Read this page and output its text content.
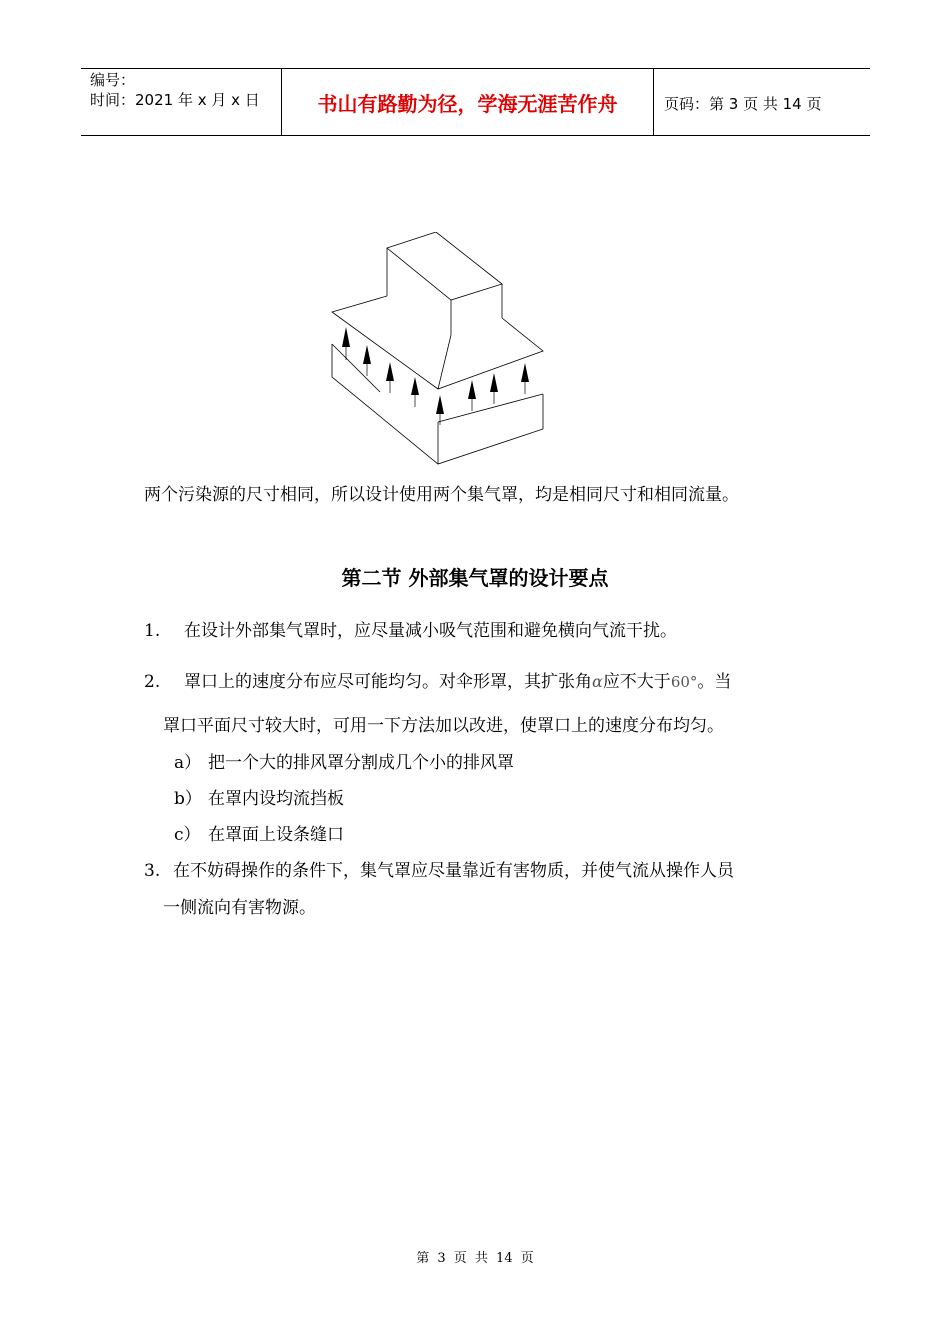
编号：
时间：2021 年 x 月 x 日	书山有路勤为径，学海无涯苦作舟	页码：第 3 页 共 14 页
两个污染源的尺寸相同，所以设计使用两个集气罩，均是相同尺寸和相同流量。
第二节 外部集气罩的设计要点
1. 在设计外部集气罩时，应尽量减小吸气范围和避免横向气流干扰。
2. 罩口上的速度分布应尽可能均匀。对伞形罩，其扩张角α应不大于60°。当
罩口平面尺寸较大时，可用一下方法加以改进，使罩口上的速度分布均匀。
a） 把一个大的排风罩分割成几个小的排风罩
b） 在罩内设均流挡板
c） 在罩面上设条缝口
3. 在不妨碍操作的条件下，集气罩应尽量靠近有害物质，并使气流从操作人员
一侧流向有害物源。
第 3 页 共 14 页
